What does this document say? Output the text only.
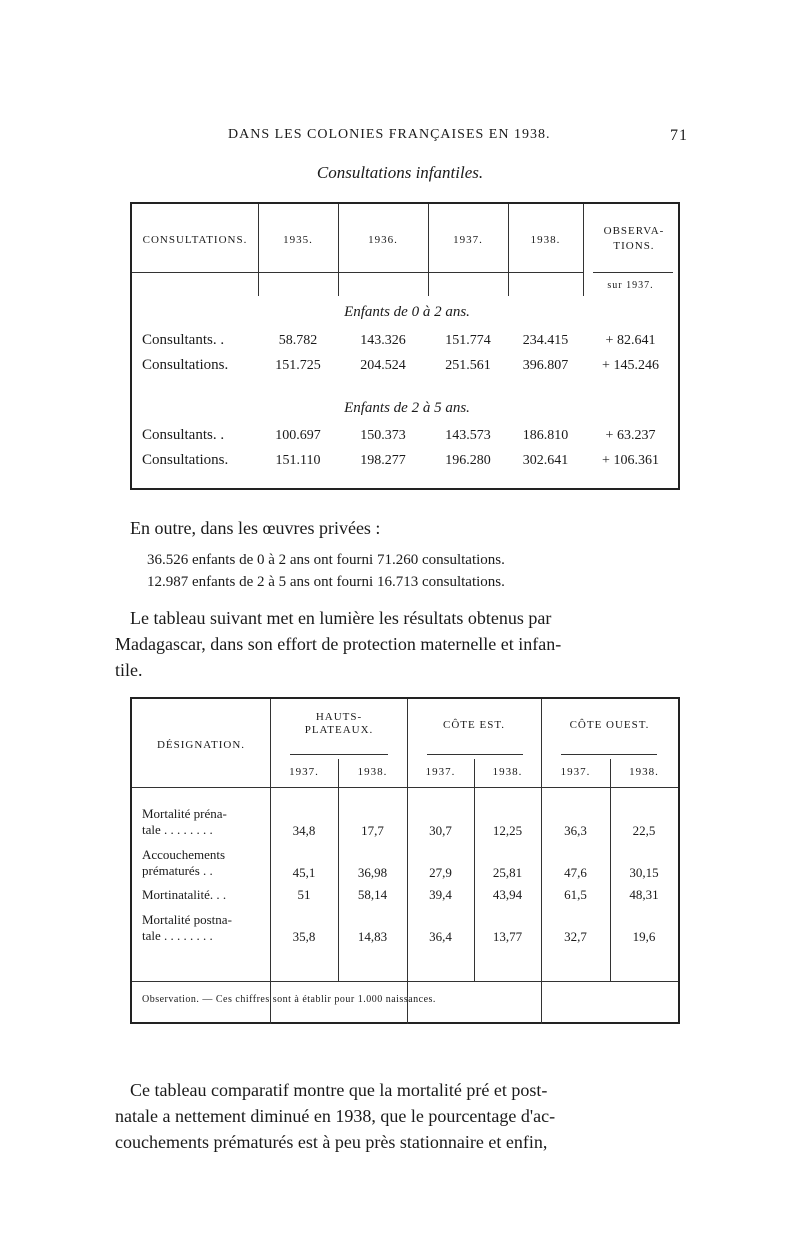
DANS LES COLONIES FRANÇAISES EN 1938.	71
Consultations infantiles.
CONSULTATIONS.	1935.	1936.	1937.	1938.
OBSERVA-TIONS.
sur 1937.
Enfants de 0 à 2 ans.
Consultants. .	58.782	143.326	151.774	234.415	+ 82.641
Consultations.	151.725	204.524	251.561	396.807	+ 145.246
Enfants de 2 à 5 ans.
Consultants. .	100.697	150.373	143.573	186.810	+ 63.237
Consultations.	151.110	198.277	196.280	302.641	+ 106.361
En outre, dans les œuvres privées :
36.526 enfants de 0 à 2 ans ont fourni 71.260 consultations.
12.987 enfants de 2 à 5 ans ont fourni 16.713 consultations.
Le tableau suivant met en lumière les résultats obtenus par
Madagascar, dans son effort de protection maternelle et infan-
tile.
DÉSIGNATION.
HAUTS-PLATEAUX.	CÔTE EST.	CÔTE OUEST.
1937.	1938.	1937.	1938.	1937.	1938.
Mortalité préna-
tale . . . . . . . .	34,8	17,7	30,7	12,25	36,3	22,5
Accouchements
prématurés . .	45,1	36,98	27,9	25,81	47,6	30,15
Mortinatalité. . .	51	58,14	39,4	43,94	61,5	48,31
Mortalité postna-
tale . . . . . . . .	35,8	14,83	36,4	13,77	32,7	19,6
Observation. — Ces chiffres sont à établir pour 1.000 naissances.
Ce tableau comparatif montre que la mortalité pré et post-
natale a nettement diminué en 1938, que le pourcentage d'ac-
couchements prématurés est à peu près stationnaire et enfin,
